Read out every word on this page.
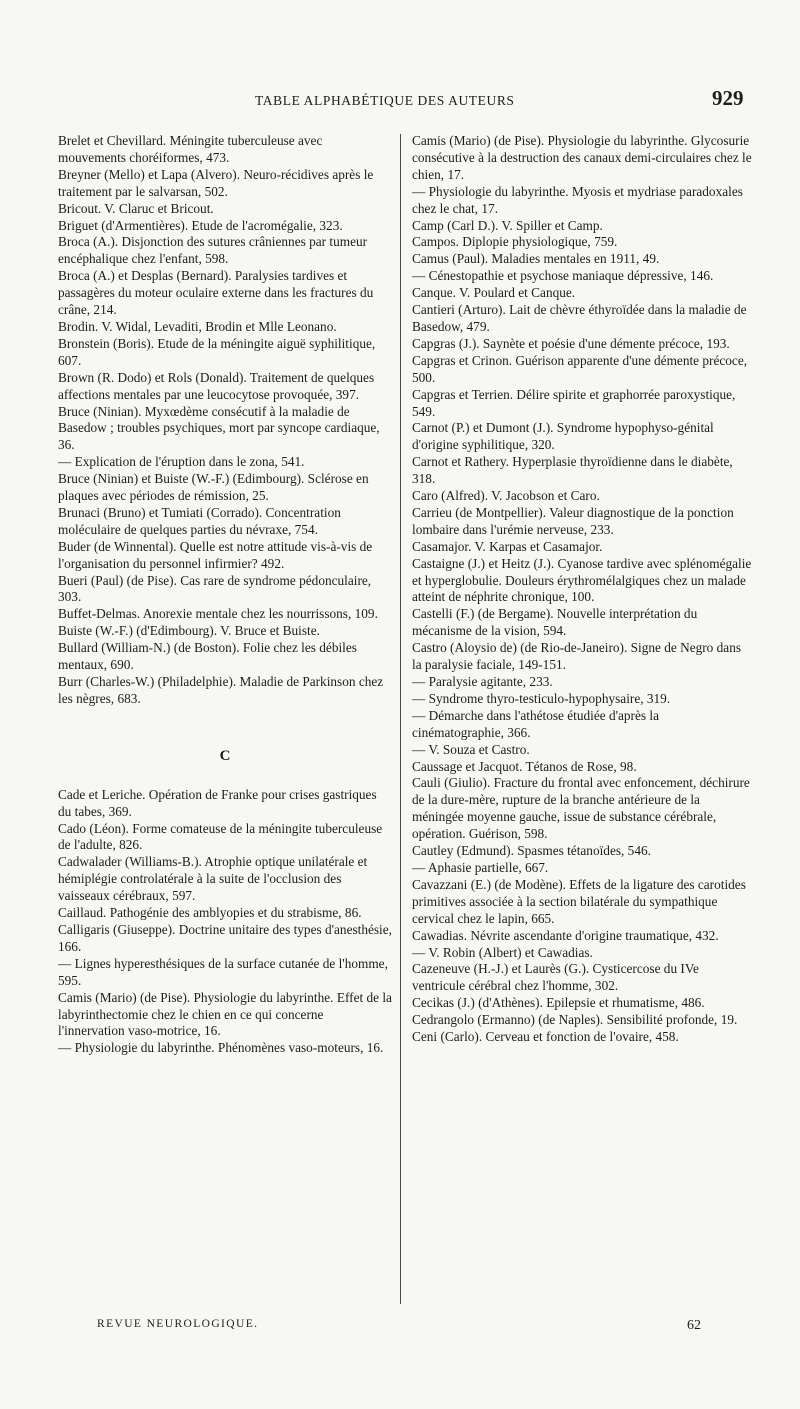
TABLE ALPHABÉTIQUE DES AUTEURS	929

Brelet et Chevillard. Méningite tuberculeuse avec mouvements choréiformes, 473.

Breyner (Mello) et Lapa (Alvero). Neuro-récidives après le traitement par le salvarsan, 502.

Bricout. V. Claruc et Bricout.

Briguet (d'Armentières). Etude de l'acromégalie, 323.

Broca (A.). Disjonction des sutures crâniennes par tumeur encéphalique chez l'enfant, 598.

Broca (A.) et Desplas (Bernard). Paralysies tardives et passagères du moteur oculaire externe dans les fractures du crâne, 214.

Brodin. V. Widal, Levaditi, Brodin et Mlle Leonano.

Bronstein (Boris). Etude de la méningite aiguë syphilitique, 607.

Brown (R. Dodo) et Rols (Donald). Traitement de quelques affections mentales par une leucocytose provoquée, 397.

Bruce (Ninian). Myxœdème consécutif à la maladie de Basedow ; troubles psychiques, mort par syncope cardiaque, 36.

— Explication de l'éruption dans le zona, 541.

Bruce (Ninian) et Buiste (W.-F.) (Edimbourg). Sclérose en plaques avec périodes de rémission, 25.

Brunaci (Bruno) et Tumiati (Corrado). Concentration moléculaire de quelques parties du névraxe, 754.

Buder (de Winnental). Quelle est notre attitude vis-à-vis de l'organisation du personnel infirmier? 492.

Bueri (Paul) (de Pise). Cas rare de syndrome pédonculaire, 303.

Buffet-Delmas. Anorexie mentale chez les nourrissons, 109.

Buiste (W.-F.) (d'Edimbourg). V. Bruce et Buiste.

Bullard (William-N.) (de Boston). Folie chez les débiles mentaux, 690.

Burr (Charles-W.) (Philadelphie). Maladie de Parkinson chez les nègres, 683.

C

Cade et Leriche. Opération de Franke pour crises gastriques du tabes, 369.

Cado (Léon). Forme comateuse de la méningite tuberculeuse de l'adulte, 826.

Cadwalader (Williams-B.). Atrophie optique unilatérale et hémiplégie controlatérale à la suite de l'occlusion des vaisseaux cérébraux, 597.

Caillaud. Pathogénie des amblyopies et du strabisme, 86.

Calligaris (Giuseppe). Doctrine unitaire des types d'anesthésie, 166.

— Lignes hyperesthésiques de la surface cutanée de l'homme, 595.

Camis (Mario) (de Pise). Physiologie du labyrinthe. Effet de la labyrinthectomie chez le chien en ce qui concerne l'innervation vaso-motrice, 16.

— Physiologie du labyrinthe. Phénomènes vaso-moteurs, 16.

Camis (Mario) (de Pise). Physiologie du labyrinthe. Glycosurie consécutive à la destruction des canaux demi-circulaires chez le chien, 17.

— Physiologie du labyrinthe. Myosis et mydriase paradoxales chez le chat, 17.

Camp (Carl D.). V. Spiller et Camp.

Campos. Diplopie physiologique, 759.

Camus (Paul). Maladies mentales en 1911, 49.

— Cénestopathie et psychose maniaque dépressive, 146.

Canque. V. Poulard et Canque.

Cantieri (Arturo). Lait de chèvre éthyroïdée dans la maladie de Basedow, 479.

Capgras (J.). Saynète et poésie d'une démente précoce, 193.

Capgras et Crinon. Guérison apparente d'une démente précoce, 500.

Capgras et Terrien. Délire spirite et graphorrée paroxystique, 549.

Carnot (P.) et Dumont (J.). Syndrome hypophyso-génital d'origine syphilitique, 320.

Carnot et Rathery. Hyperplasie thyroïdienne dans le diabète, 318.

Caro (Alfred). V. Jacobson et Caro.

Carrieu (de Montpellier). Valeur diagnostique de la ponction lombaire dans l'urémie nerveuse, 233.

Casamajor. V. Karpas et Casamajor.

Castaigne (J.) et Heitz (J.). Cyanose tardive avec splénomégalie et hyperglobulie. Douleurs érythromélalgiques chez un malade atteint de néphrite chronique, 100.

Castelli (F.) (de Bergame). Nouvelle interprétation du mécanisme de la vision, 594.

Castro (Aloysio de) (de Rio-de-Janeiro). Signe de Negro dans la paralysie faciale, 149-151.

— Paralysie agitante, 233.

— Syndrome thyro-testiculo-hypophysaire, 319.

— Démarche dans l'athétose étudiée d'après la cinématographie, 366.

— V. Souza et Castro.

Caussage et Jacquot. Tétanos de Rose, 98.

Cauli (Giulio). Fracture du frontal avec enfoncement, déchirure de la dure-mère, rupture de la branche antérieure de la méningée moyenne gauche, issue de substance cérébrale, opération. Guérison, 598.

Cautley (Edmund). Spasmes tétanoïdes, 546.

— Aphasie partielle, 667.

Cavazzani (E.) (de Modène). Effets de la ligature des carotides primitives associée à la section bilatérale du sympathique cervical chez le lapin, 665.

Cawadias. Névrite ascendante d'origine traumatique, 432.

— V. Robin (Albert) et Cawadias.

Cazeneuve (H.-J.) et Laurès (G.). Cysticercose du IVe ventricule cérébral chez l'homme, 302.

Cecikas (J.) (d'Athènes). Epilepsie et rhumatisme, 486.

Cedrangolo (Ermanno) (de Naples). Sensibilité profonde, 19.

Ceni (Carlo). Cerveau et fonction de l'ovaire, 458.

REVUE NEUROLOGIQUE.	62
